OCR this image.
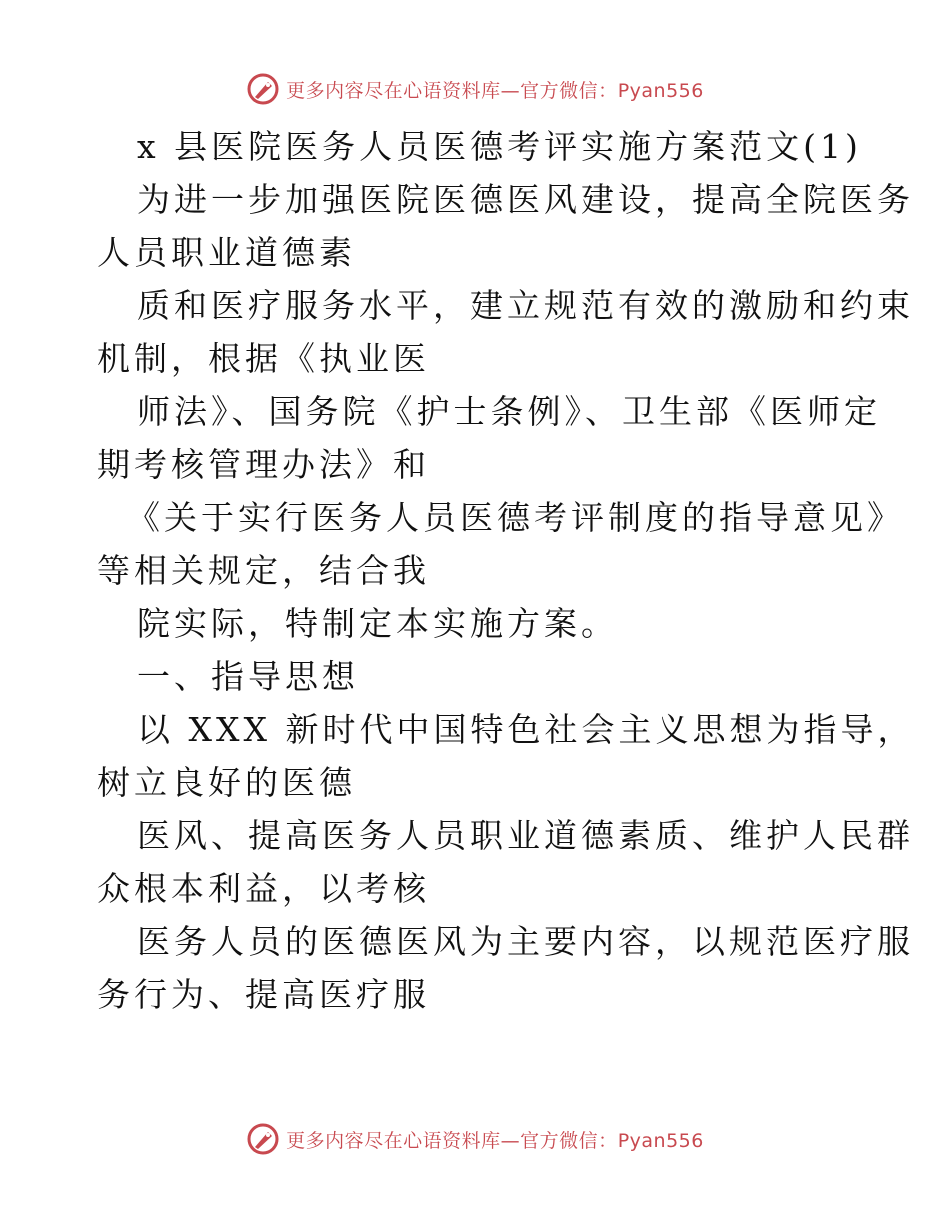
更多内容尽在心语资料库—官方微信：Pyan556
x 县医院医务人员医德考评实施方案范文(1)
为进一步加强医院医德医风建设，提高全院医务
人员职业道德素
质和医疗服务水平，建立规范有效的激励和约束
机制，根据《执业医
师法》、国务院《护士条例》、卫生部《医师定
期考核管理办法》和
《关于实行医务人员医德考评制度的指导意见》
等相关规定，结合我
院实际，特制定本实施方案。
一、指导思想
以 XXX 新时代中国特色社会主义思想为指导，
树立良好的医德
医风、提高医务人员职业道德素质、维护人民群
众根本利益，以考核
医务人员的医德医风为主要内容，以规范医疗服
务行为、提高医疗服
更多内容尽在心语资料库—官方微信：Pyan556
